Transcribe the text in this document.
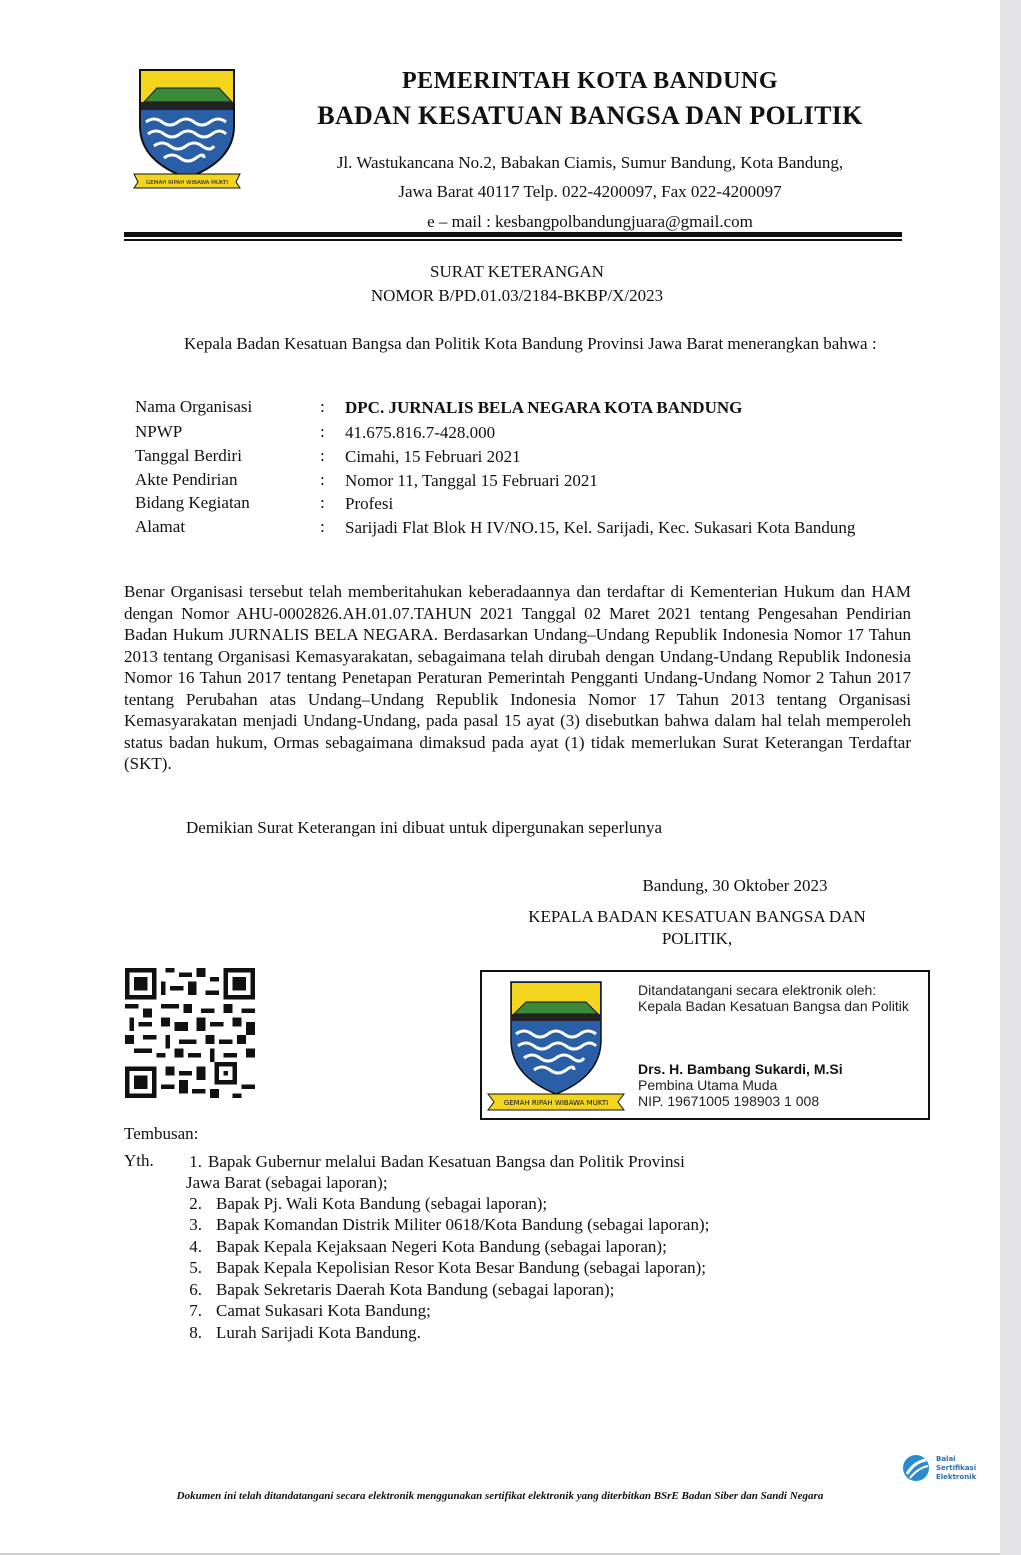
GEMAH RIPAH WIBAWA MUKTI
PEMERINTAH KOTA BANDUNG
BADAN KESATUAN BANGSA DAN POLITIK
Jl. Wastukancana No.2, Babakan Ciamis, Sumur Bandung, Kota Bandung,
Jawa Barat 40117 Telp. 022-4200097, Fax 022-4200097
e – mail : kesbangpolbandungjuara@gmail.com
SURAT KETERANGAN
NOMOR B/PD.01.03/2184-BKBP/X/2023
Kepala Badan Kesatuan Bangsa dan Politik Kota Bandung Provinsi Jawa Barat menerangkan bahwa :
Nama Organisasi	: DPC. JURNALIS BELA NEGARA KOTA BANDUNG
NPWP	: 41.675.816.7-428.000
Tanggal Berdiri	: Cimahi, 15 Februari 2021
Akte Pendirian	: Nomor 11, Tanggal 15 Februari 2021
Bidang Kegiatan	: Profesi
Alamat	: Sarijadi Flat Blok H IV/NO.15, Kel. Sarijadi, Kec. Sukasari Kota Bandung
Benar Organisasi tersebut telah memberitahukan keberadaannya dan terdaftar di Kementerian Hukum dan HAM dengan Nomor AHU-0002826.AH.01.07.TAHUN 2021 Tanggal 02 Maret 2021 tentang Pengesahan Pendirian Badan Hukum JURNALIS BELA NEGARA. Berdasarkan Undang–Undang Republik Indonesia Nomor 17 Tahun 2013 tentang Organisasi Kemasyarakatan, sebagaimana telah dirubah dengan Undang-Undang Republik Indonesia Nomor 16 Tahun 2017 tentang Penetapan Peraturan Pemerintah Pengganti Undang-Undang Nomor 2 Tahun 2017 tentang Perubahan atas Undang–Undang Republik Indonesia Nomor 17 Tahun 2013 tentang Organisasi Kemasyarakatan menjadi Undang-Undang, pada pasal 15 ayat (3) disebutkan bahwa dalam hal telah memperoleh status badan hukum, Ormas sebagaimana dimaksud pada ayat (1) tidak memerlukan Surat Keterangan Terdaftar (SKT).
Demikian Surat Keterangan ini dibuat untuk dipergunakan seperlunya
Bandung, 30 Oktober 2023
KEPALA BADAN KESATUAN BANGSA DAN POLITIK,
GEMAH RIPAH WIBAWA MUKTI
Ditandatangani secara elektronik oleh:
Kepala Badan Kesatuan Bangsa dan Politik
Drs. H. Bambang Sukardi, M.Si
Pembina Utama Muda
NIP. 19671005 198903 1 008
Tembusan:
Yth.	1. Bapak Gubernur melalui Badan Kesatuan Bangsa dan Politik Provinsi
Jawa Barat (sebagai laporan);
2. Bapak Pj. Wali Kota Bandung (sebagai laporan);
3. Bapak Komandan Distrik Militer 0618/Kota Bandung (sebagai laporan);
4. Bapak Kepala Kejaksaan Negeri Kota Bandung (sebagai laporan);
5. Bapak Kepala Kepolisian Resor Kota Besar Bandung (sebagai laporan);
6. Bapak Sekretaris Daerah Kota Bandung (sebagai laporan);
7. Camat Sukasari Kota Bandung;
8. Lurah Sarijadi Kota Bandung.
Balai
Sertifikasi
Elektronik
Dokumen ini telah ditandatangani secara elektronik menggunakan sertifikat elektronik yang diterbitkan BSrE Badan Siber dan Sandi Negara
